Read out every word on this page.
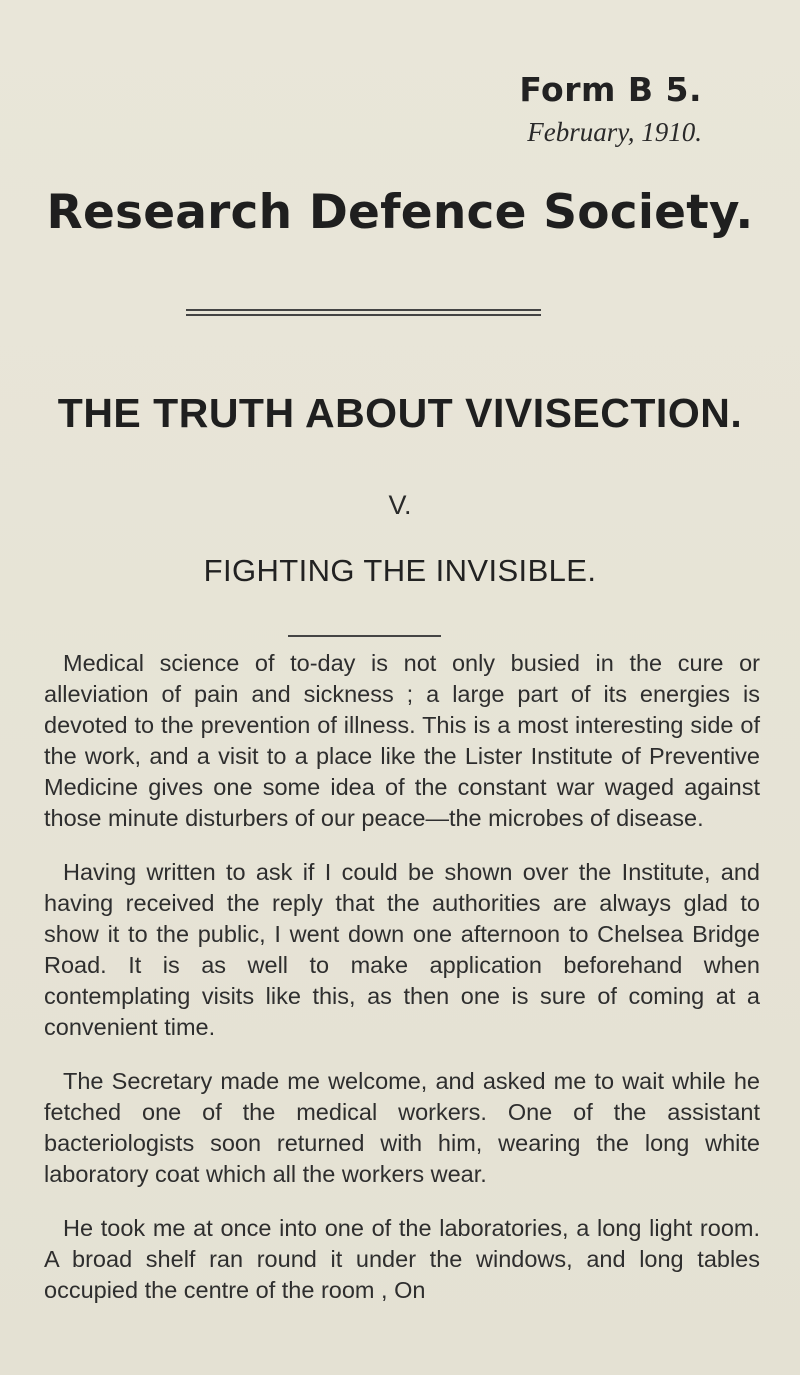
Form B 5.
February, 1910.
Research Defence Society.
THE TRUTH ABOUT VIVISECTION.
V.
FIGHTING THE INVISIBLE.

Medical science of to-day is not only busied in the cure or alleviation of pain and sickness ; a large part of its energies is devoted to the prevention of illness. This is a most interesting side of the work, and a visit to a place like the Lister Institute of Preventive Medicine gives one some idea of the constant war waged against those minute disturbers of our peace—the microbes of disease.

Having written to ask if I could be shown over the Institute, and having received the reply that the authorities are always glad to show it to the public, I went down one afternoon to Chelsea Bridge Road. It is as well to make application beforehand when contemplating visits like this, as then one is sure of coming at a convenient time.

The Secretary made me welcome, and asked me to wait while he fetched one of the medical workers. One of the assistant bacteriologists soon returned with him, wearing the long white laboratory coat which all the workers wear.

He took me at once into one of the laboratories, a long light room. A broad shelf ran round it under the windows, and long tables occupied the centre of the room , On
